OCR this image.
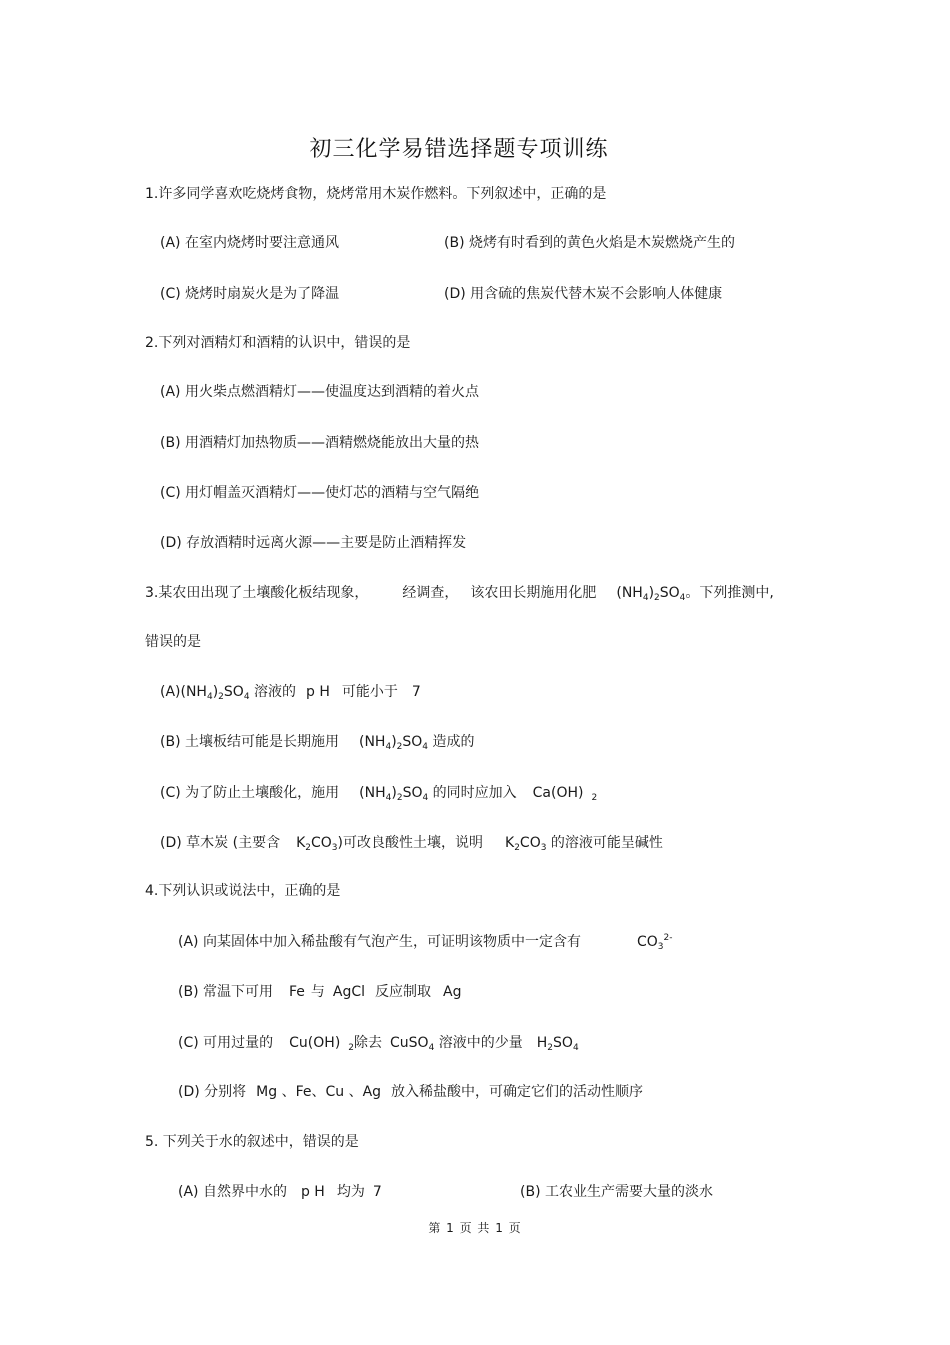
初三化学易错选择题专项训练
1.许多同学喜欢吃烧烤食物，烧烤常用木炭作燃料。下列叙述中，正确的是
(A) 在室内烧烤时要注意通风	(B) 烧烤有时看到的黄色火焰是木炭燃烧产生的
(C) 烧烤时扇炭火是为了降温	(D) 用含硫的焦炭代替木炭不会影响人体健康
2.下列对酒精灯和酒精的认识中，错误的是
(A) 用火柴点燃酒精灯——使温度达到酒精的着火点
(B) 用酒精灯加热物质——酒精燃烧能放出大量的热
(C) 用灯帽盖灭酒精灯——使灯芯的酒精与空气隔绝
(D) 存放酒精时远离火源——主要是防止酒精挥发
3.某农田出现了土壤酸化板结现象， 经调查， 该农田长期施用化肥 $(NH_4)_2SO_4$。下列推测中,
错误的是
$(A)(NH_4)_2SO_4$ 溶液的 p H 可能小于 7
(B) 土壤板结可能是长期施用 $(NH_4)_2SO_4$ 造成的
(C) 为了防止土壤酸化，施用 $(NH_4)_2SO_4$ 的同时应加入 Ca(OH) $_2$
(D) 草木炭 (主要含 $K_2CO_3$)可改良酸性土壤，说明 $K_2CO_3$ 的溶液可能呈碱性
4.下列认识或说法中，正确的是
(A) 向某固体中加入稀盐酸有气泡产生，可证明该物质中一定含有	$CO_3^{2-}$
(B) 常温下可用 Fe 与 AgCl 反应制取 Ag
(C) 可用过量的 Cu(OH) $_2$除去 CuSO$_4$ 溶液中的少量 $H_2SO_4$
(D) 分别将 Mg 、Fe、Cu 、Ag 放入稀盐酸中，可确定它们的活动性顺序
5. 下列关于水的叙述中，错误的是
(A) 自然界中水的 p H 均为 7	(B) 工农业生产需要大量的淡水
第 1 页 共 1 页
